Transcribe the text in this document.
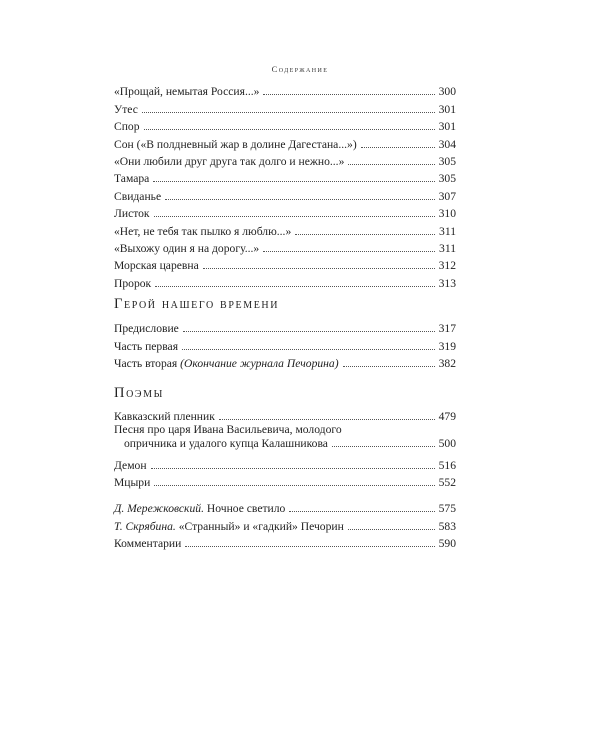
Содержание
«Прощай, немытая Россия...»	300
Утес	301
Спор	301
Сон («В полдневный жар в долине Дагестана...»)	304
«Они любили друг друга так долго и нежно...»	305
Тамара	305
Свиданье	307
Листок	310
«Нет, не тебя так пылко я люблю...»	311
«Выхожу один я на дорогу...»	311
Морская царевна	312
Пророк	313
Герой нашего времени
Предисловие	317
Часть первая	319
Часть вторая (Окончание журнала Печорина)	382
Поэмы
Кавказский пленник	479
Песня про царя Ивана Васильевича, молодого
опричника и удалого купца Калашникова	500
Демон	516
Мцыри	552
Д. Мережковский. Ночное светило	575
Т. Скрябина. «Странный» и «гадкий» Печорин	583
Комментарии	590
